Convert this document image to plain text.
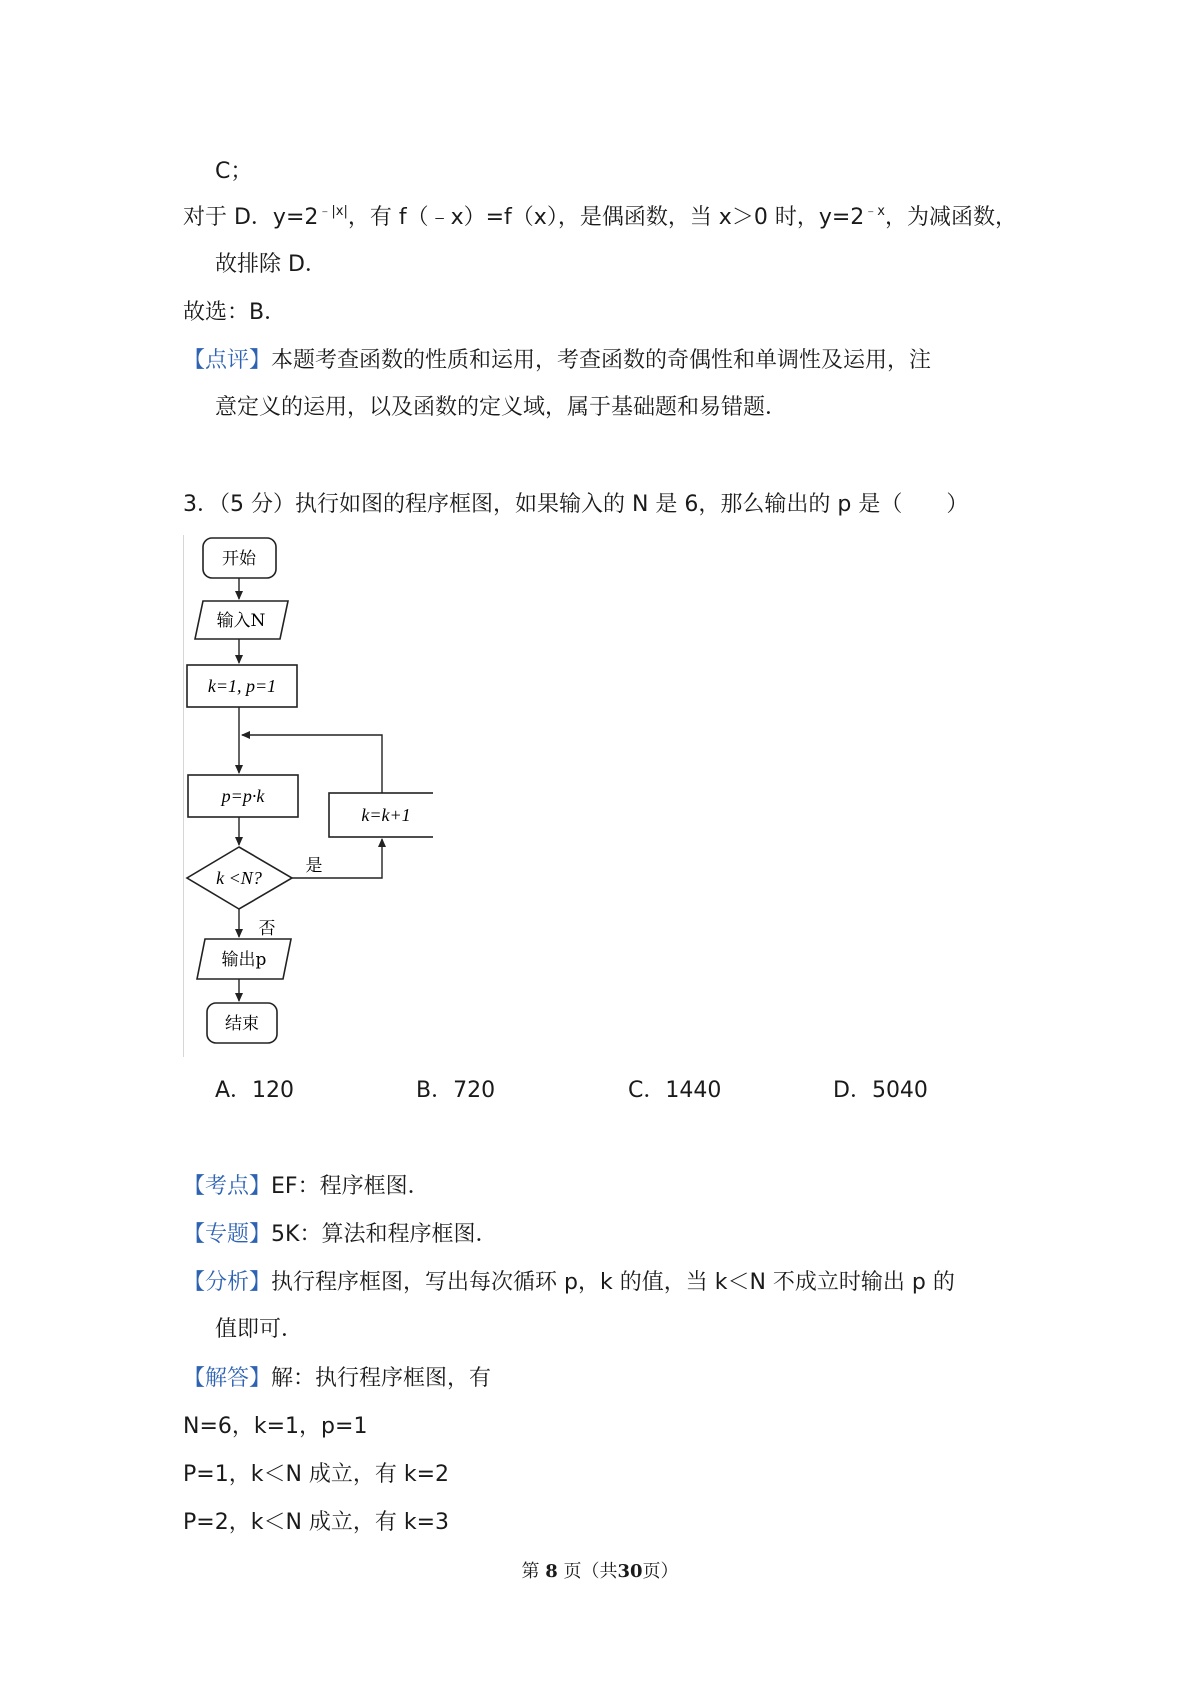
C；
对于 D．$y=2^{﹣|x|}$，有 f（﹣x）=f（x），是偶函数，当 x＞0 时，$y=2^{﹣x}$，为减函数，
故排除 D．
故选：B．
【点评】本题考查函数的性质和运用，考查函数的奇偶性和单调性及运用，注
意定义的运用，以及函数的定义域，属于基础题和易错题．
3．（5 分）执行如图的程序框图，如果输入的 N 是 6，那么输出的 p 是（　　）
开始
输入N
k=1, p=1
p=p·k
k=k+1
k <N?
是
否
输出p
结束
A．120	B．720	C．1440	D．5040
【考点】EF：程序框图．
【专题】5K：算法和程序框图．
【分析】执行程序框图，写出每次循环 p，k 的值，当 k＜N 不成立时输出 p 的
值即可．
【解答】解：执行程序框图，有
N=6，k=1，p=1
P=1，k＜N 成立，有 k=2
P=2，k＜N 成立，有 k=3
第 8 页（共30页）
